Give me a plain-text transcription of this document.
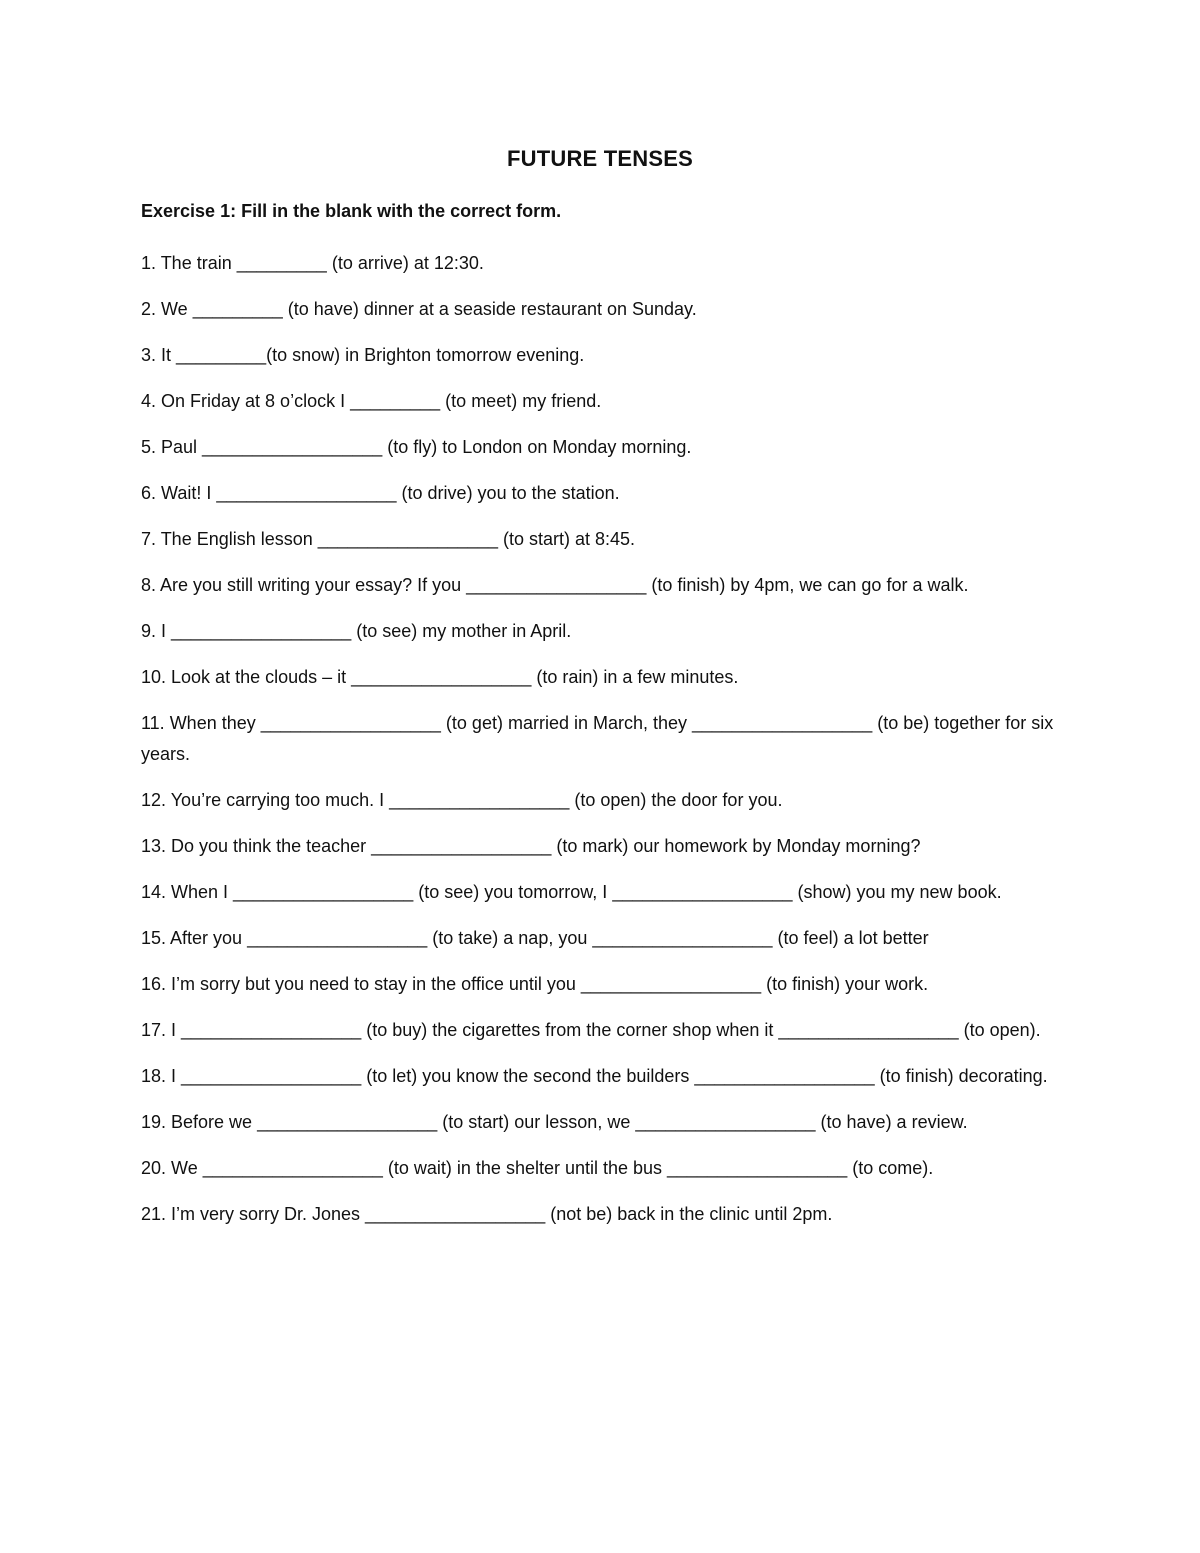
FUTURE TENSES
Exercise 1: Fill in the blank with the correct form.
1. The train _________ (to arrive) at 12:30.
2. We _________ (to have) dinner at a seaside restaurant on Sunday.
3. It _________(to snow) in Brighton tomorrow evening.
4. On Friday at 8 o’clock I _________ (to meet) my friend.
5. Paul __________________ (to fly) to London on Monday morning.
6. Wait! I __________________ (to drive) you to the station.
7. The English lesson __________________ (to start) at 8:45.
8. Are you still writing your essay? If you __________________ (to finish) by 4pm, we can go for a walk.
9. I __________________ (to see) my mother in April.
10. Look at the clouds – it __________________ (to rain) in a few minutes.
11. When they __________________ (to get) married in March, they __________________ (to be) together for six years.
12. You’re carrying too much. I __________________ (to open) the door for you.
13. Do you think the teacher __________________ (to mark) our homework by Monday morning?
14. When I __________________ (to see) you tomorrow, I __________________ (show) you my new book.
15. After you __________________ (to take) a nap, you __________________ (to feel) a lot better
16. I’m sorry but you need to stay in the office until you __________________ (to finish) your work.
17. I __________________ (to buy) the cigarettes from the corner shop when it __________________ (to open).
18. I __________________ (to let) you know the second the builders __________________ (to finish) decorating.
19. Before we __________________ (to start) our lesson, we __________________ (to have) a review.
20. We __________________ (to wait) in the shelter until the bus __________________ (to come).
21. I’m very sorry Dr. Jones __________________ (not be) back in the clinic until 2pm.
